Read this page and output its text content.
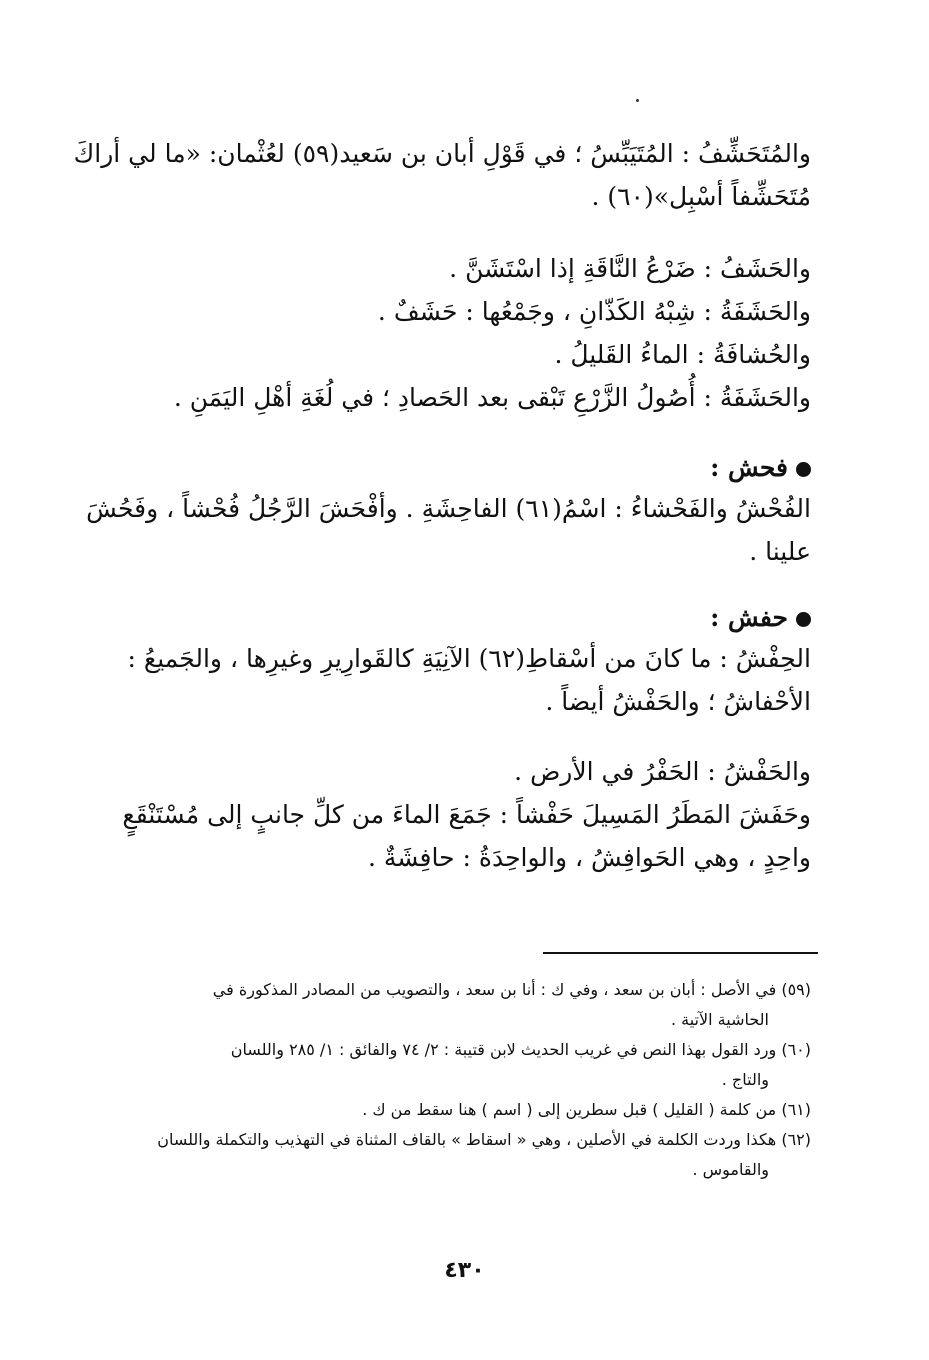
والمُتَحَشِّفُ : المُتَيَبِّسُ ؛ في قَوْلِ أبان بن سَعيد(٥٩) لعُثْمان: «ما لي أراكَ
مُتَحَشِّفاً أسْبِل»(٦٠) .
والحَشَفُ : ضَرْعُ النَّاقَةِ إذا اسْتَشَنَّ .
والحَشَفَةُ : شِبْهُ الكَذّانِ ، وجَمْعُها : حَشَفٌ .
والحُشافَةُ : الماءُ القَليلُ .
والحَشَفَةُ : أُصُولُ الزَّرْعِ تَبْقى بعد الحَصادِ ؛ في لُغَةِ أهْلِ اليَمَنِ .
فحش :
الفُحْشُ والفَحْشاءُ : اسْمُ(٦١) الفاحِشَةِ . وأفْحَشَ الرَّجُلُ فُحْشاً ، وفَحُشَ
علينا .
حفش :
الحِفْشُ : ما كانَ من أسْقاطِ(٦٢) الآنِيَةِ كالقَوارِيرِ وغيرِها ، والجَميعُ :
الأحْفاشُ ؛ والحَفْشُ أيضاً .
والحَفْشُ : الحَفْرُ في الأرض .
وحَفَشَ المَطَرُ المَسِيلَ حَفْشاً : جَمَعَ الماءَ من كلِّ جانبٍ إلى مُسْتَنْقَعٍ
واحِدٍ ، وهي الحَوافِشُ ، والواحِدَةُ : حافِشَةٌ .
(٥٩) في الأصل : أبان بن سعد ، وفي ك : أنا بن سعد ، والتصويب من المصادر المذكورة في
الحاشية الآتية .
(٦٠) ورد القول بهذا النص في غريب الحديث لابن قتيبة : ٢/ ٧٤ والفائق : ١/ ٢٨٥ واللسان
والتاج .
(٦١) من كلمة ( القليل ) قبل سطرين إلى ( اسم ) هنا سقط من ك .
(٦٢) هكذا وردت الكلمة في الأصلين ، وهي « اسقاط » بالقاف المثناة في التهذيب والتكملة واللسان
والقاموس .
٤٣٠
